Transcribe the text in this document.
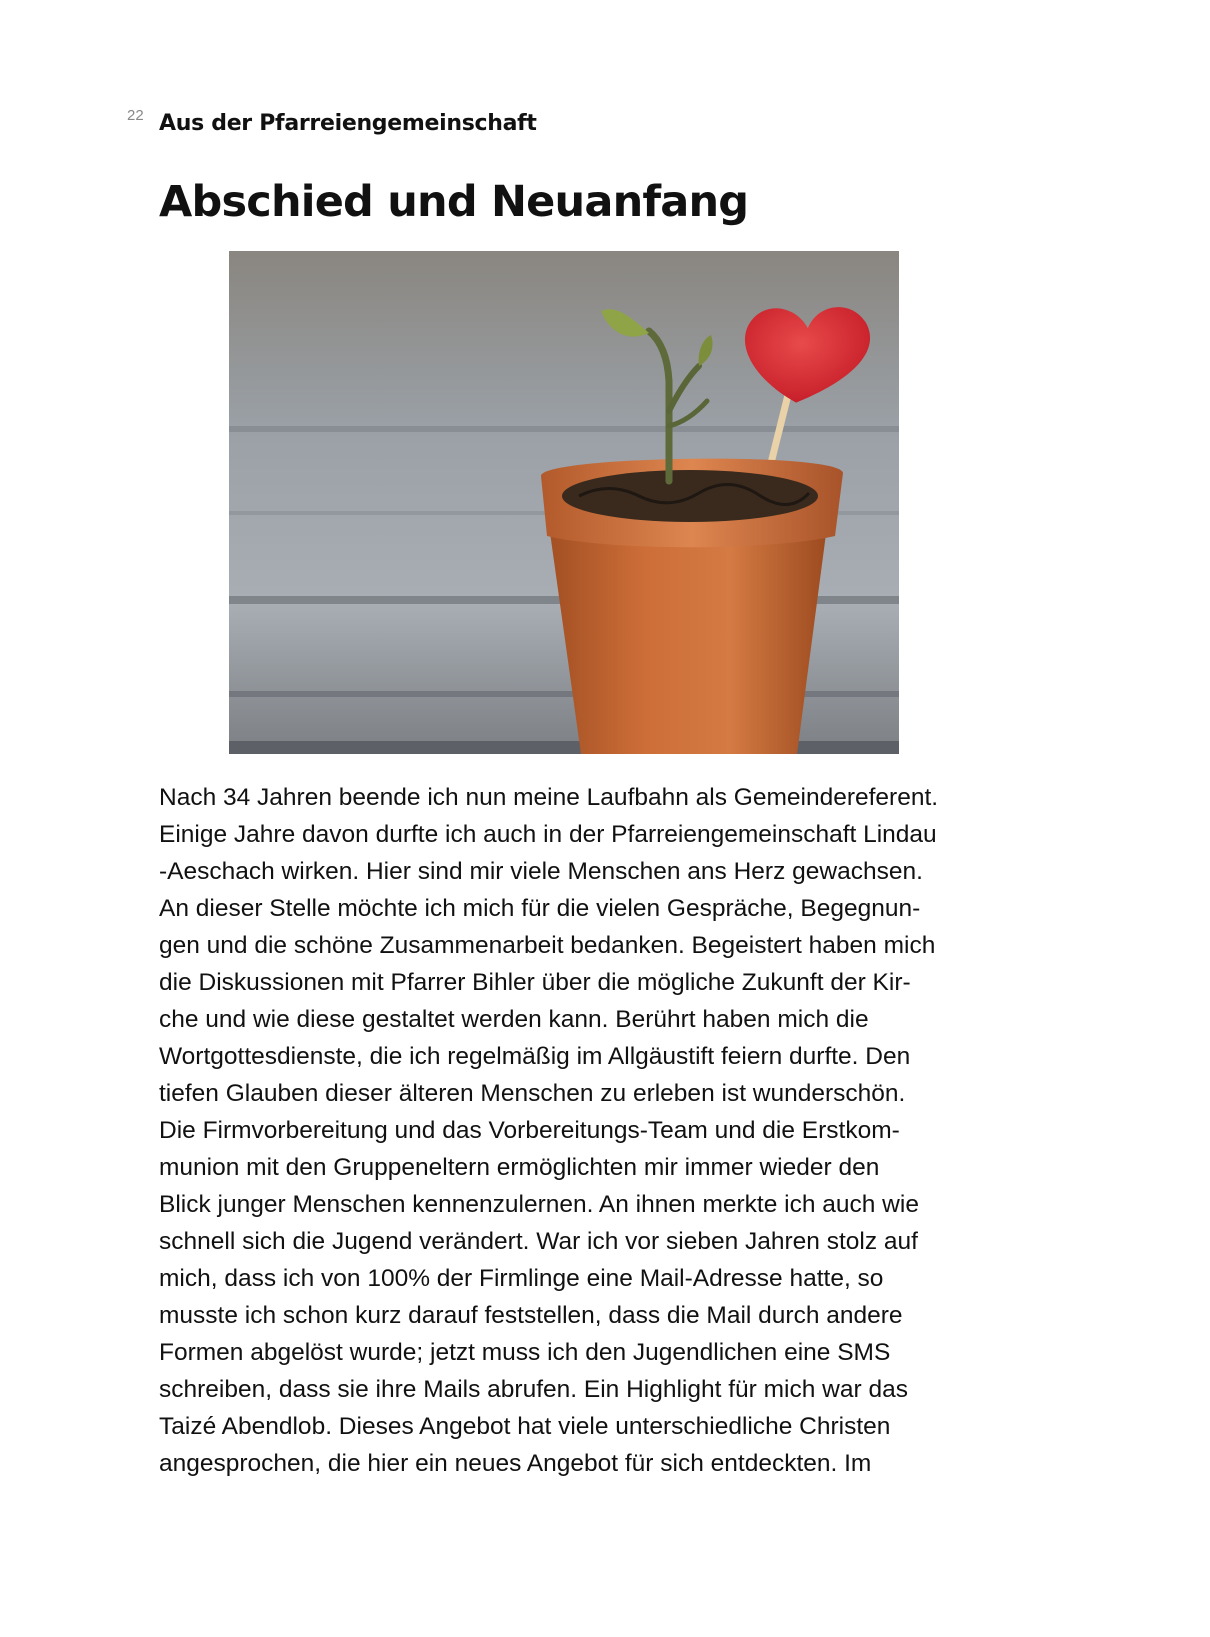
22 Aus der Pfarreiengemeinschaft
Abschied und Neuanfang
Nach 34 Jahren beende ich nun meine Laufbahn als Gemeindereferent.
Einige Jahre davon durfte ich auch in der Pfarreiengemeinschaft Lindau
-Aeschach wirken. Hier sind mir viele Menschen ans Herz gewachsen.
An dieser Stelle möchte ich mich für die vielen Gespräche, Begegnun-
gen und die schöne Zusammenarbeit bedanken. Begeistert haben mich
die Diskussionen mit Pfarrer Bihler über die mögliche Zukunft der Kir-
che und wie diese gestaltet werden kann. Berührt haben mich die
Wortgottesdienste, die ich regelmäßig im Allgäustift feiern durfte. Den
tiefen Glauben dieser älteren Menschen zu erleben ist wunderschön.
Die Firmvorbereitung und das Vorbereitungs-Team und die Erstkom-
munion mit den Gruppeneltern ermöglichten mir immer wieder den
Blick junger Menschen kennenzulernen. An ihnen merkte ich auch wie
schnell sich die Jugend verändert. War ich vor sieben Jahren stolz auf
mich, dass ich von 100% der Firmlinge eine Mail-Adresse hatte, so
musste ich schon kurz darauf feststellen, dass die Mail durch andere
Formen abgelöst wurde; jetzt muss ich den Jugendlichen eine SMS
schreiben, dass sie ihre Mails abrufen. Ein Highlight für mich war das
Taizé Abendlob. Dieses Angebot hat viele unterschiedliche Christen
angesprochen, die hier ein neues Angebot für sich entdeckten. Im
